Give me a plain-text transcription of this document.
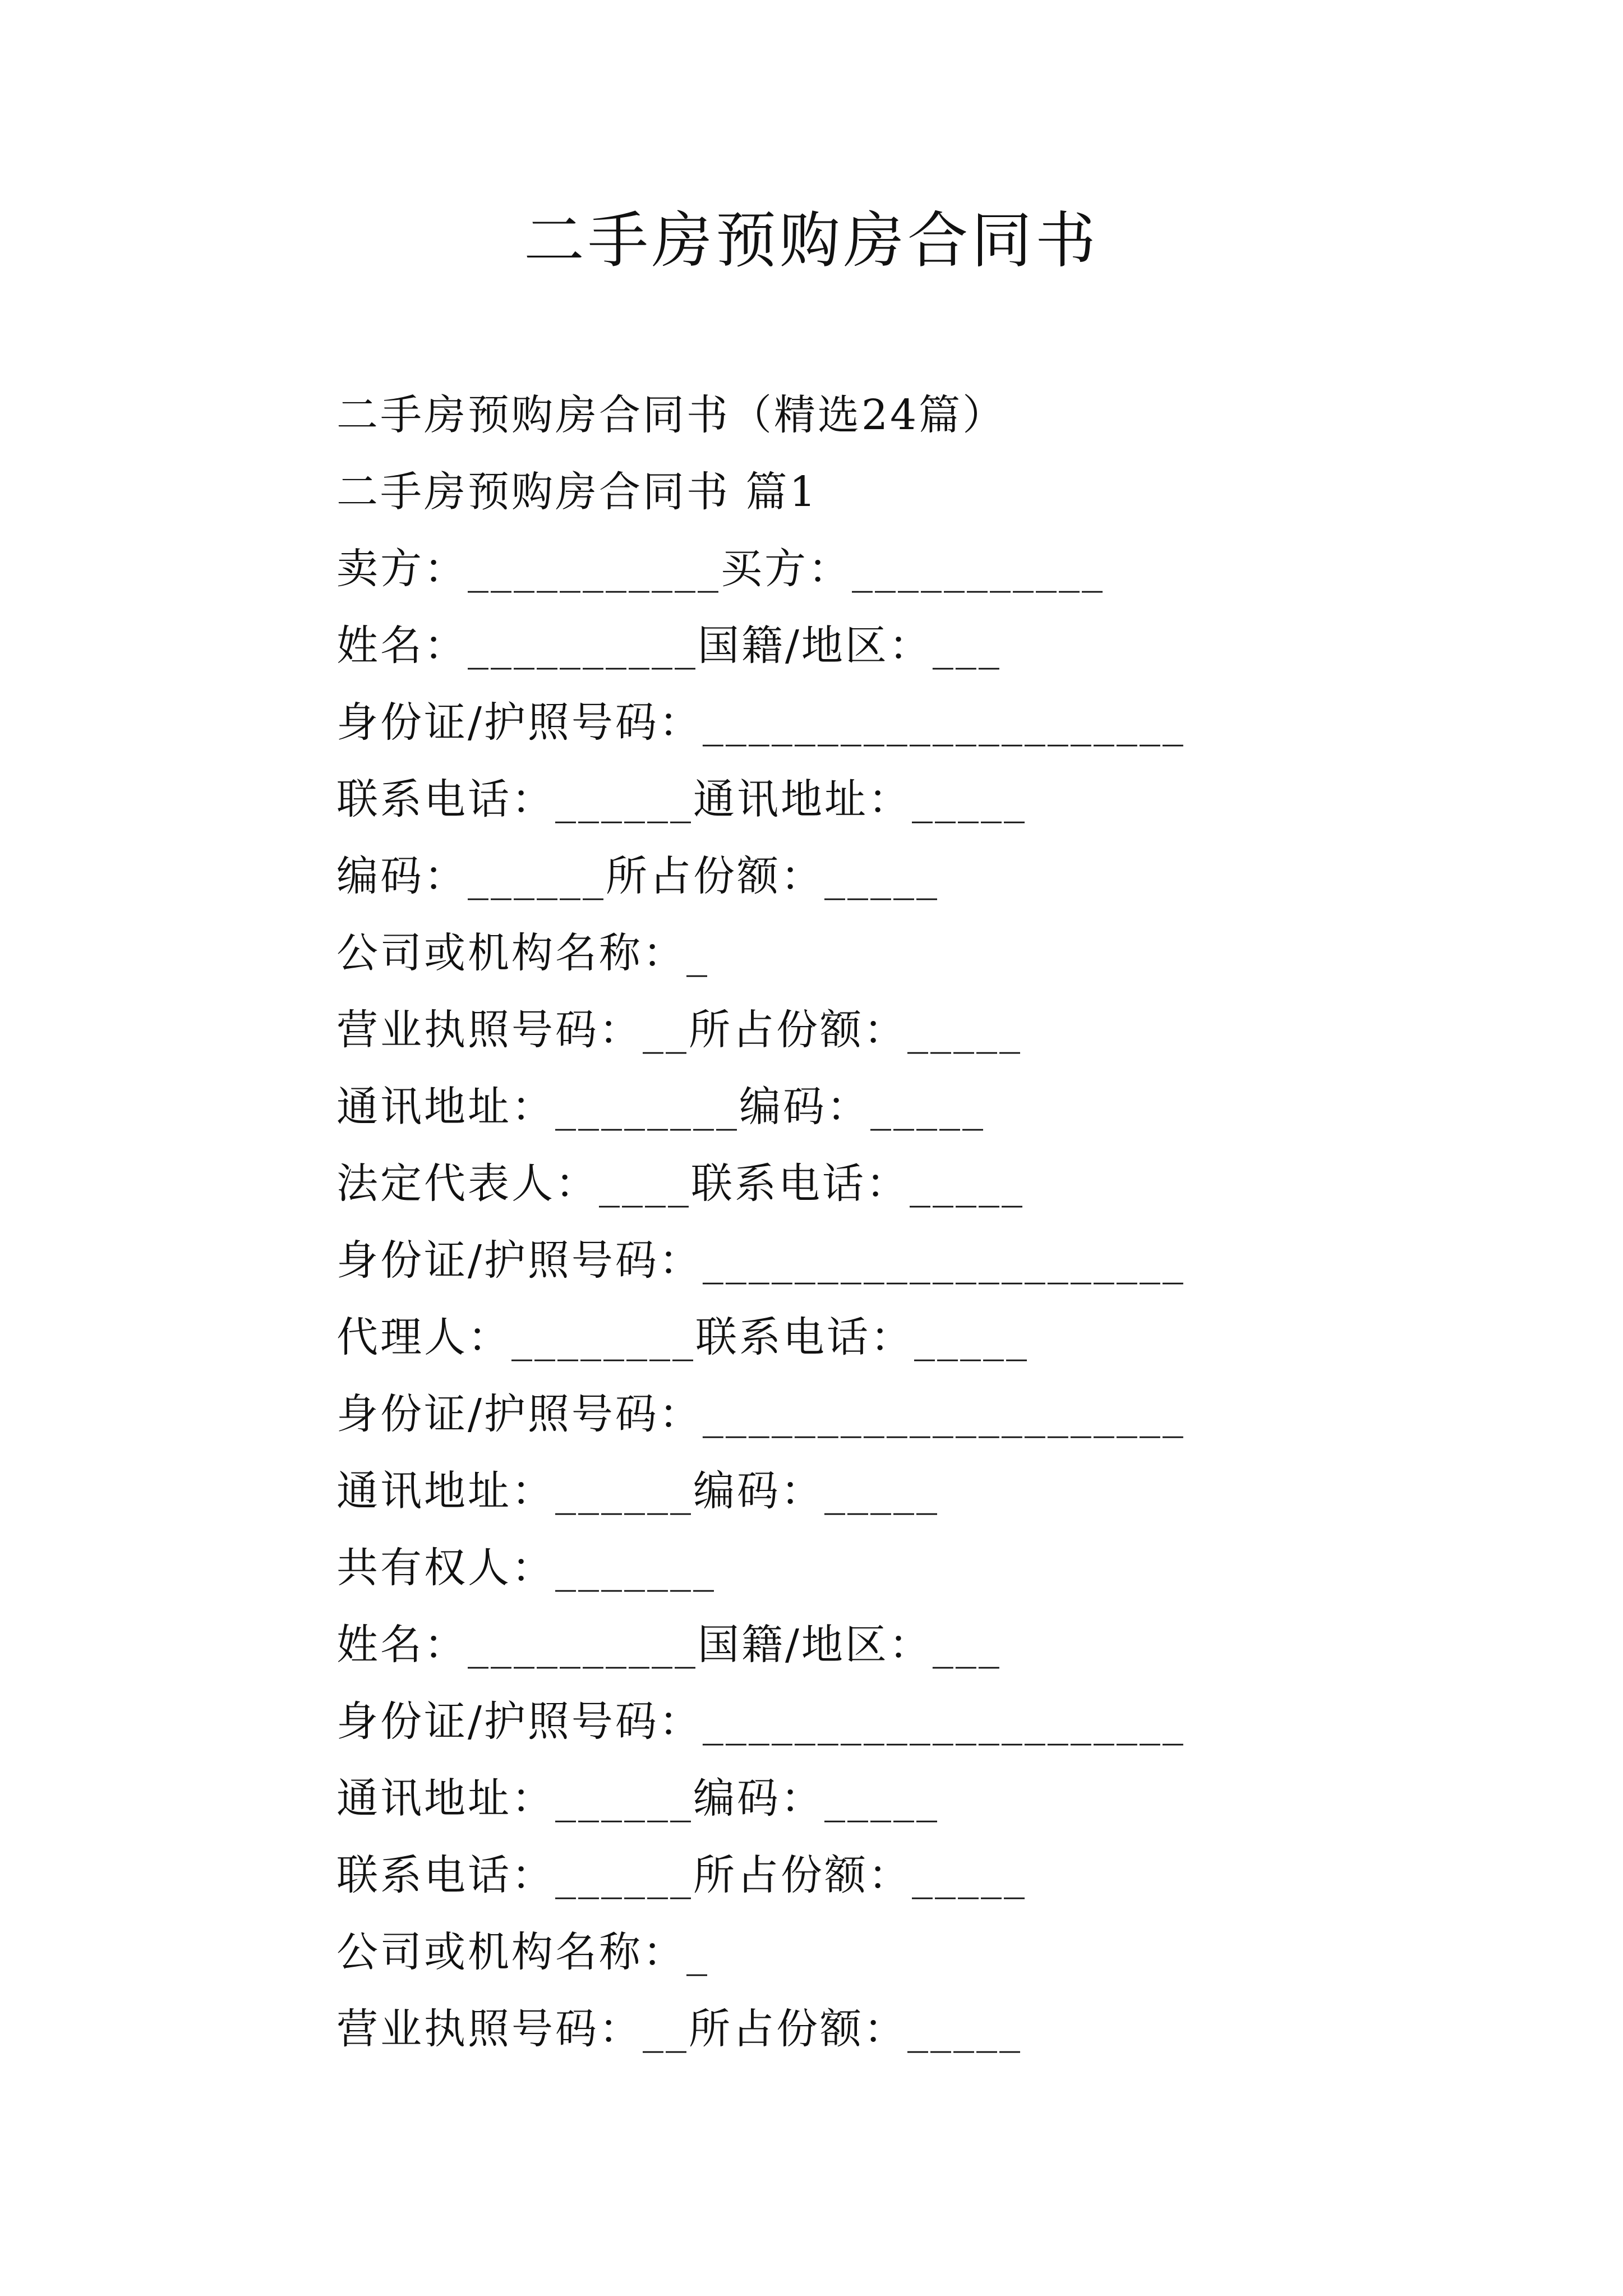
二手房预购房合同书
二手房预购房合同书（精选24篇）
二手房预购房合同书 篇1
卖方：___________买方：___________
姓名：__________国籍/地区：___
身份证/护照号码：_____________________
联系电话：______通讯地址：_____
编码：______所占份额：_____
公司或机构名称：_
营业执照号码：__所占份额：_____
通讯地址：________编码：_____
法定代表人：____联系电话：_____
身份证/护照号码：_____________________
代理人：________联系电话：_____
身份证/护照号码：_____________________
通讯地址：______编码：_____
共有权人：_______
姓名：__________国籍/地区：___
身份证/护照号码：_____________________
通讯地址：______编码：_____
联系电话：______所占份额：_____
公司或机构名称：_
营业执照号码：__所占份额：_____
